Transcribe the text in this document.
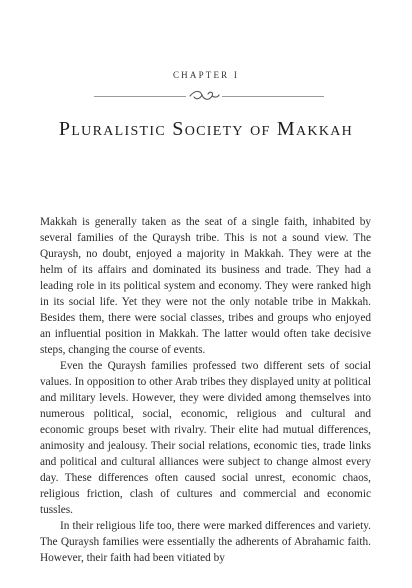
CHAPTER I
Pluralistic Society of Makkah

Makkah is generally taken as the seat of a single faith, inhabited by several families of the Quraysh tribe. This is not a sound view. The Quraysh, no doubt, enjoyed a majority in Makkah. They were at the helm of its affairs and dominated its business and trade. They had a leading role in its political system and economy. They were ranked high in its social life. Yet they were not the only notable tribe in Makkah. Besides them, there were social classes, tribes and groups who enjoyed an influential position in Makkah. The latter would often take decisive steps, changing the course of events.

Even the Quraysh families professed two different sets of social values. In opposition to other Arab tribes they displayed unity at political and military levels. However, they were divided among themselves into numerous political, social, economic, religious and cultural and economic groups beset with rivalry. Their elite had mutual differences, animosity and jealousy. Their social relations, economic ties, trade links and political and cultural alliances were subject to change almost every day. These differences often caused social unrest, economic chaos, religious friction, clash of cultures and commercial and economic tussles.

In their religious life too, there were marked differences and variety. The Quraysh families were essentially the adherents of Abrahamic faith. However, their faith had been vitiated by
